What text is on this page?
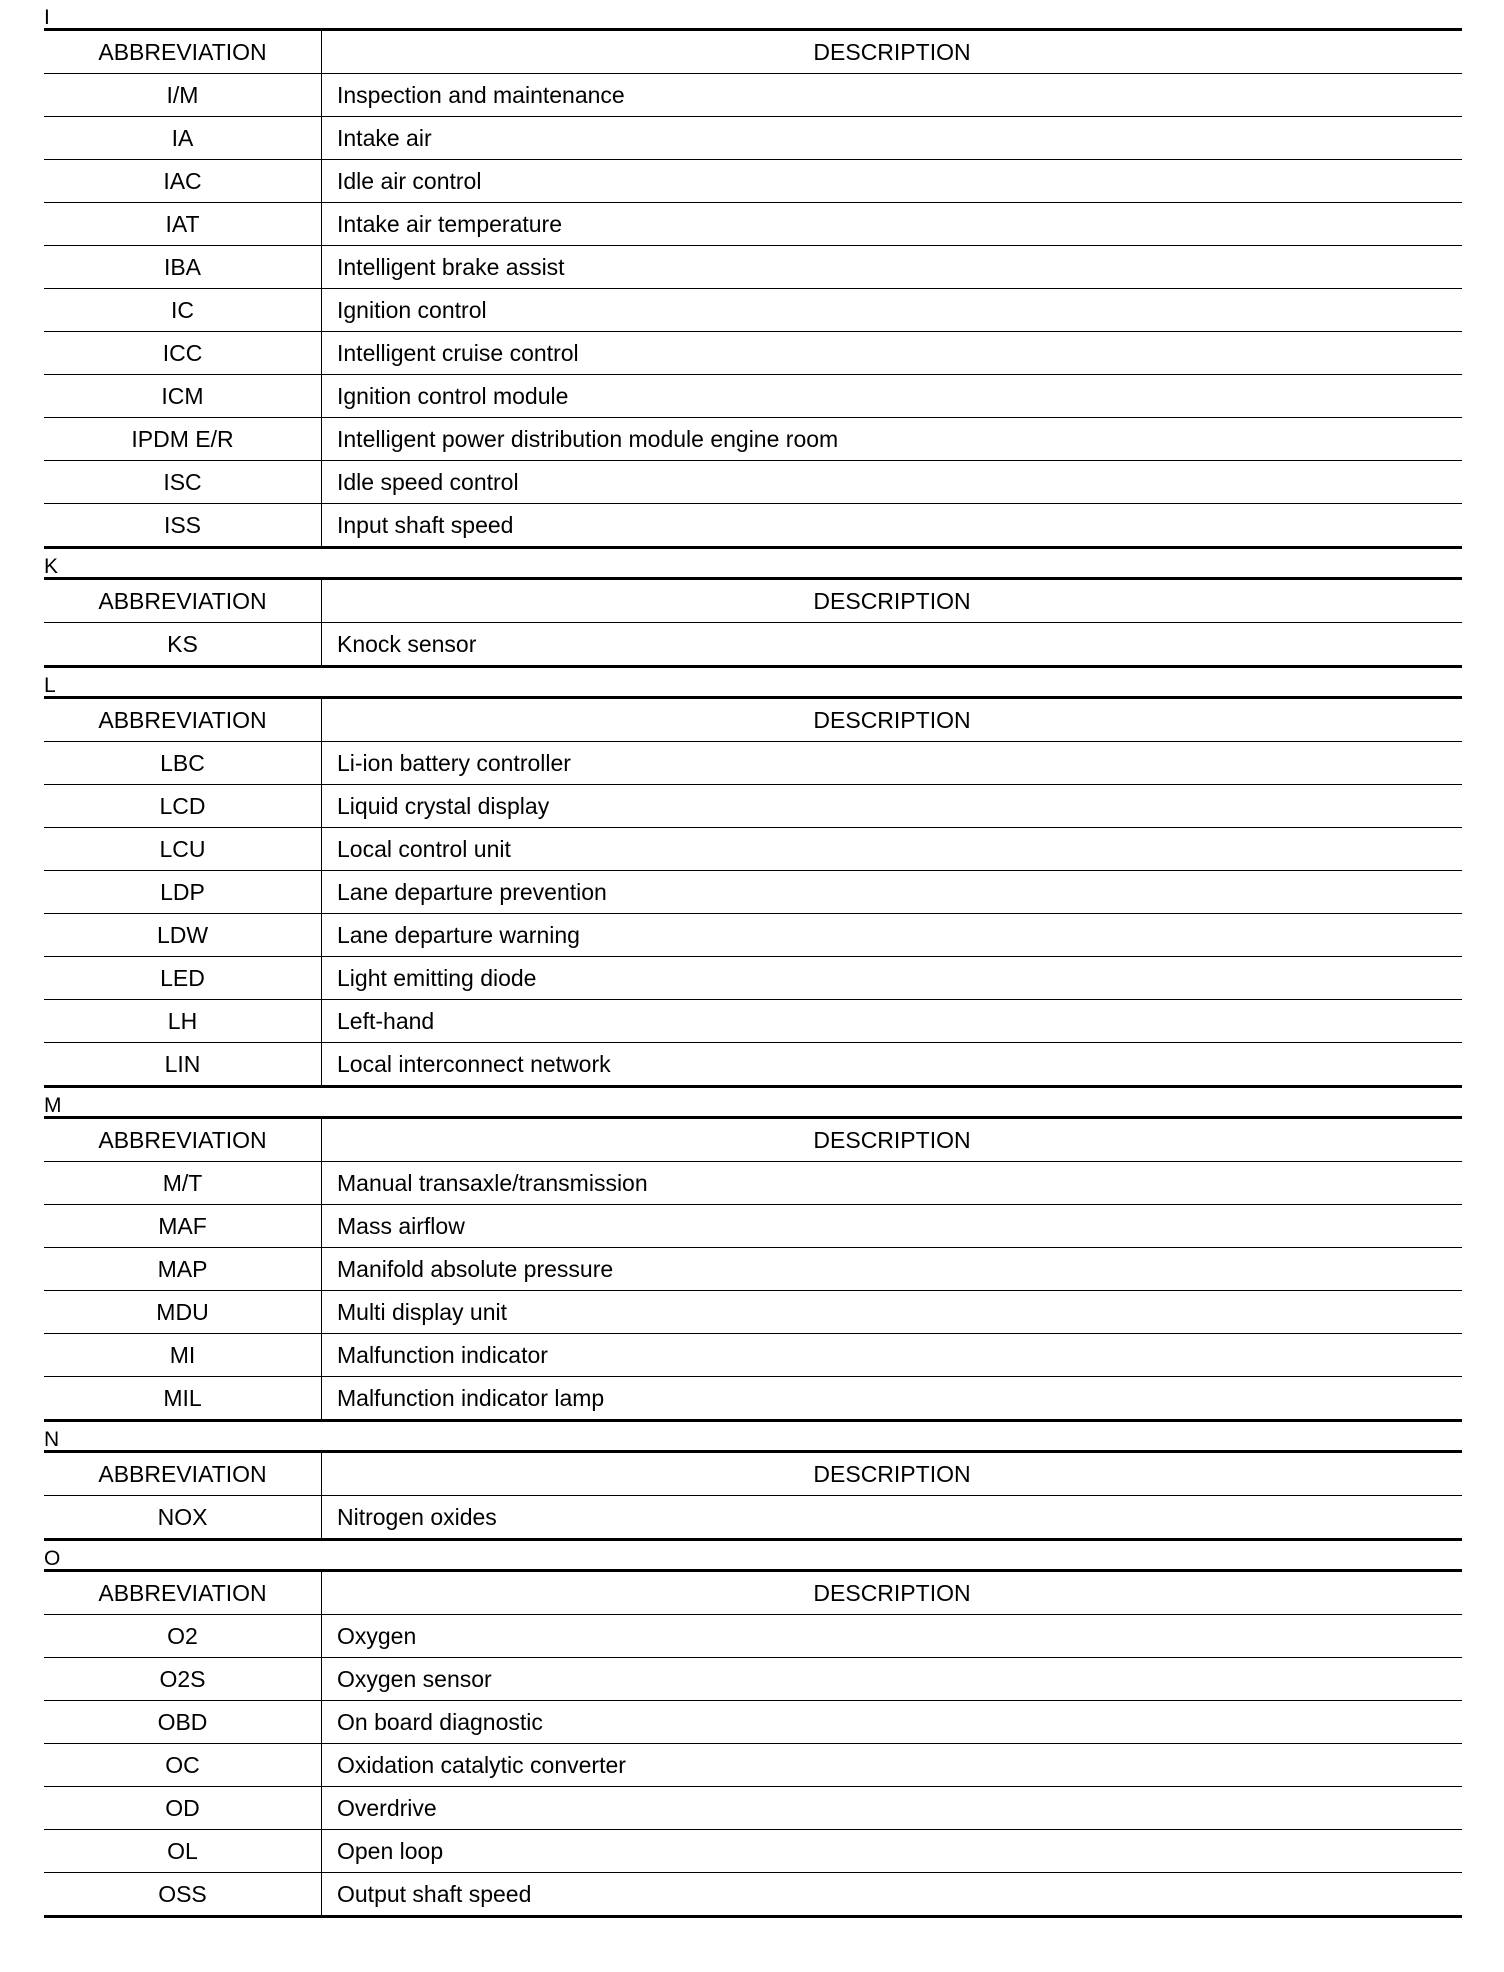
I
ABBREVIATION	DESCRIPTION
I/M	Inspection and maintenance
IA	Intake air
IAC	Idle air control
IAT	Intake air temperature
IBA	Intelligent brake assist
IC	Ignition control
ICC	Intelligent cruise control
ICM	Ignition control module
IPDM E/R	Intelligent power distribution module engine room
ISC	Idle speed control
ISS	Input shaft speed
K
ABBREVIATION	DESCRIPTION
KS	Knock sensor
L
ABBREVIATION	DESCRIPTION
LBC	Li-ion battery controller
LCD	Liquid crystal display
LCU	Local control unit
LDP	Lane departure prevention
LDW	Lane departure warning
LED	Light emitting diode
LH	Left-hand
LIN	Local interconnect network
M
ABBREVIATION	DESCRIPTION
M/T	Manual transaxle/transmission
MAF	Mass airflow
MAP	Manifold absolute pressure
MDU	Multi display unit
MI	Malfunction indicator
MIL	Malfunction indicator lamp
N
ABBREVIATION	DESCRIPTION
NOX	Nitrogen oxides
O
ABBREVIATION	DESCRIPTION
O2	Oxygen
O2S	Oxygen sensor
OBD	On board diagnostic
OC	Oxidation catalytic converter
OD	Overdrive
OL	Open loop
OSS	Output shaft speed
